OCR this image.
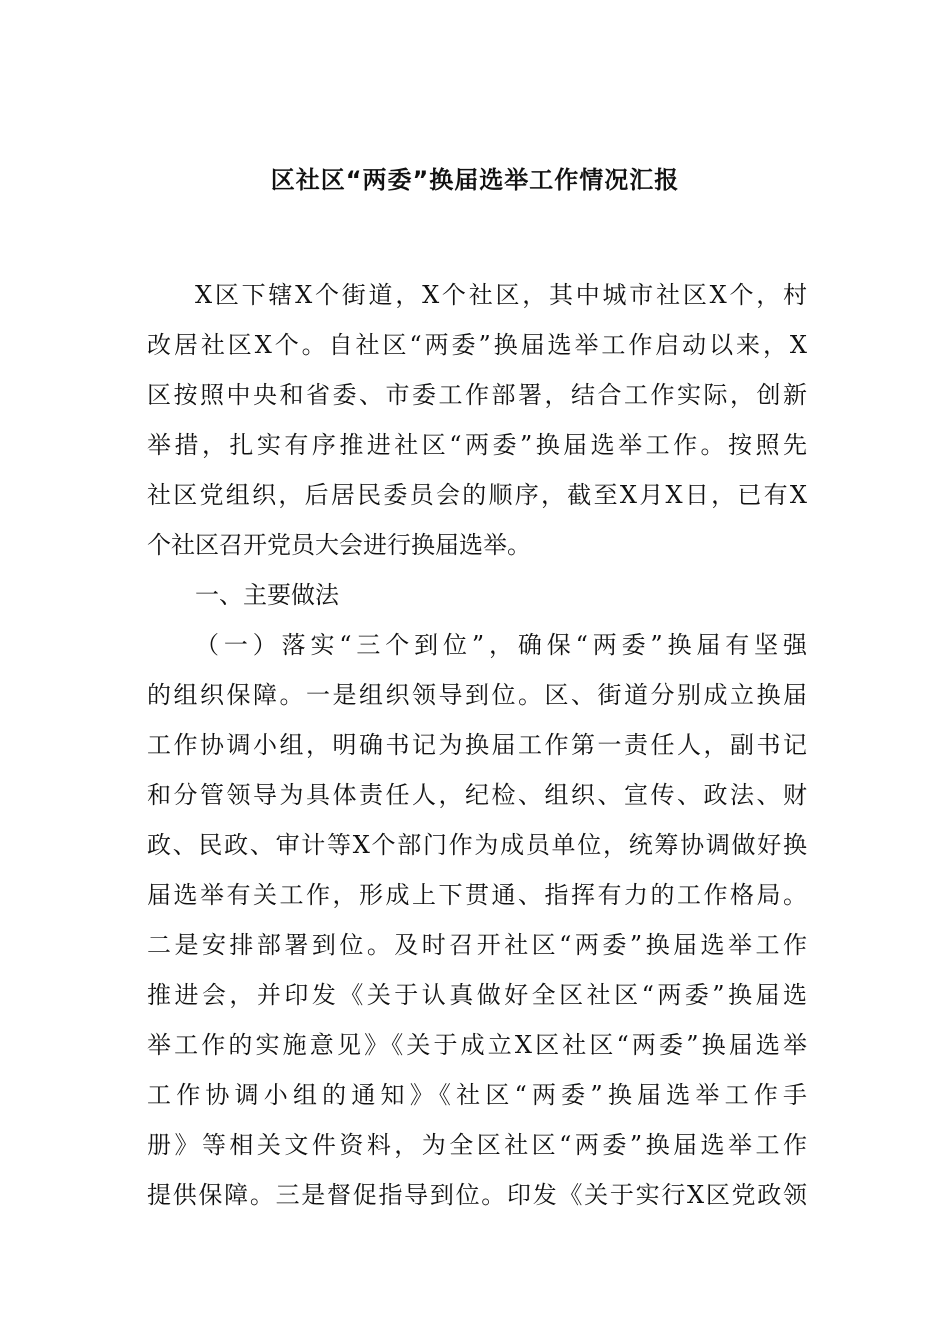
区社区“两委”换届选举工作情况汇报

X区下辖X个街道，X个社区，其中城市社区X个，村

改居社区X个。自社区“两委”换届选举工作启动以来，X

区按照中央和省委、市委工作部署，结合工作实际，创新

举措，扎实有序推进社区“两委”换届选举工作。按照先

社区党组织，后居民委员会的顺序，截至X月X日，已有X

个社区召开党员大会进行换届选举。

一、主要做法

（一）落实“三个到位”，确保“两委”换届有坚强

的组织保障。一是组织领导到位。区、街道分别成立换届

工作协调小组，明确书记为换届工作第一责任人，副书记

和分管领导为具体责任人，纪检、组织、宣传、政法、财

政、民政、审计等X个部门作为成员单位，统筹协调做好换

届选举有关工作，形成上下贯通、指挥有力的工作格局。

二是安排部署到位。及时召开社区“两委”换届选举工作

推进会，并印发《关于认真做好全区社区“两委”换届选

举工作的实施意见》《关于成立X区社区“两委”换届选举

工作协调小组的通知》《社区“两委”换届选举工作手

册》等相关文件资料，为全区社区“两委”换届选举工作

提供保障。三是督促指导到位。印发《关于实行X区党政领
